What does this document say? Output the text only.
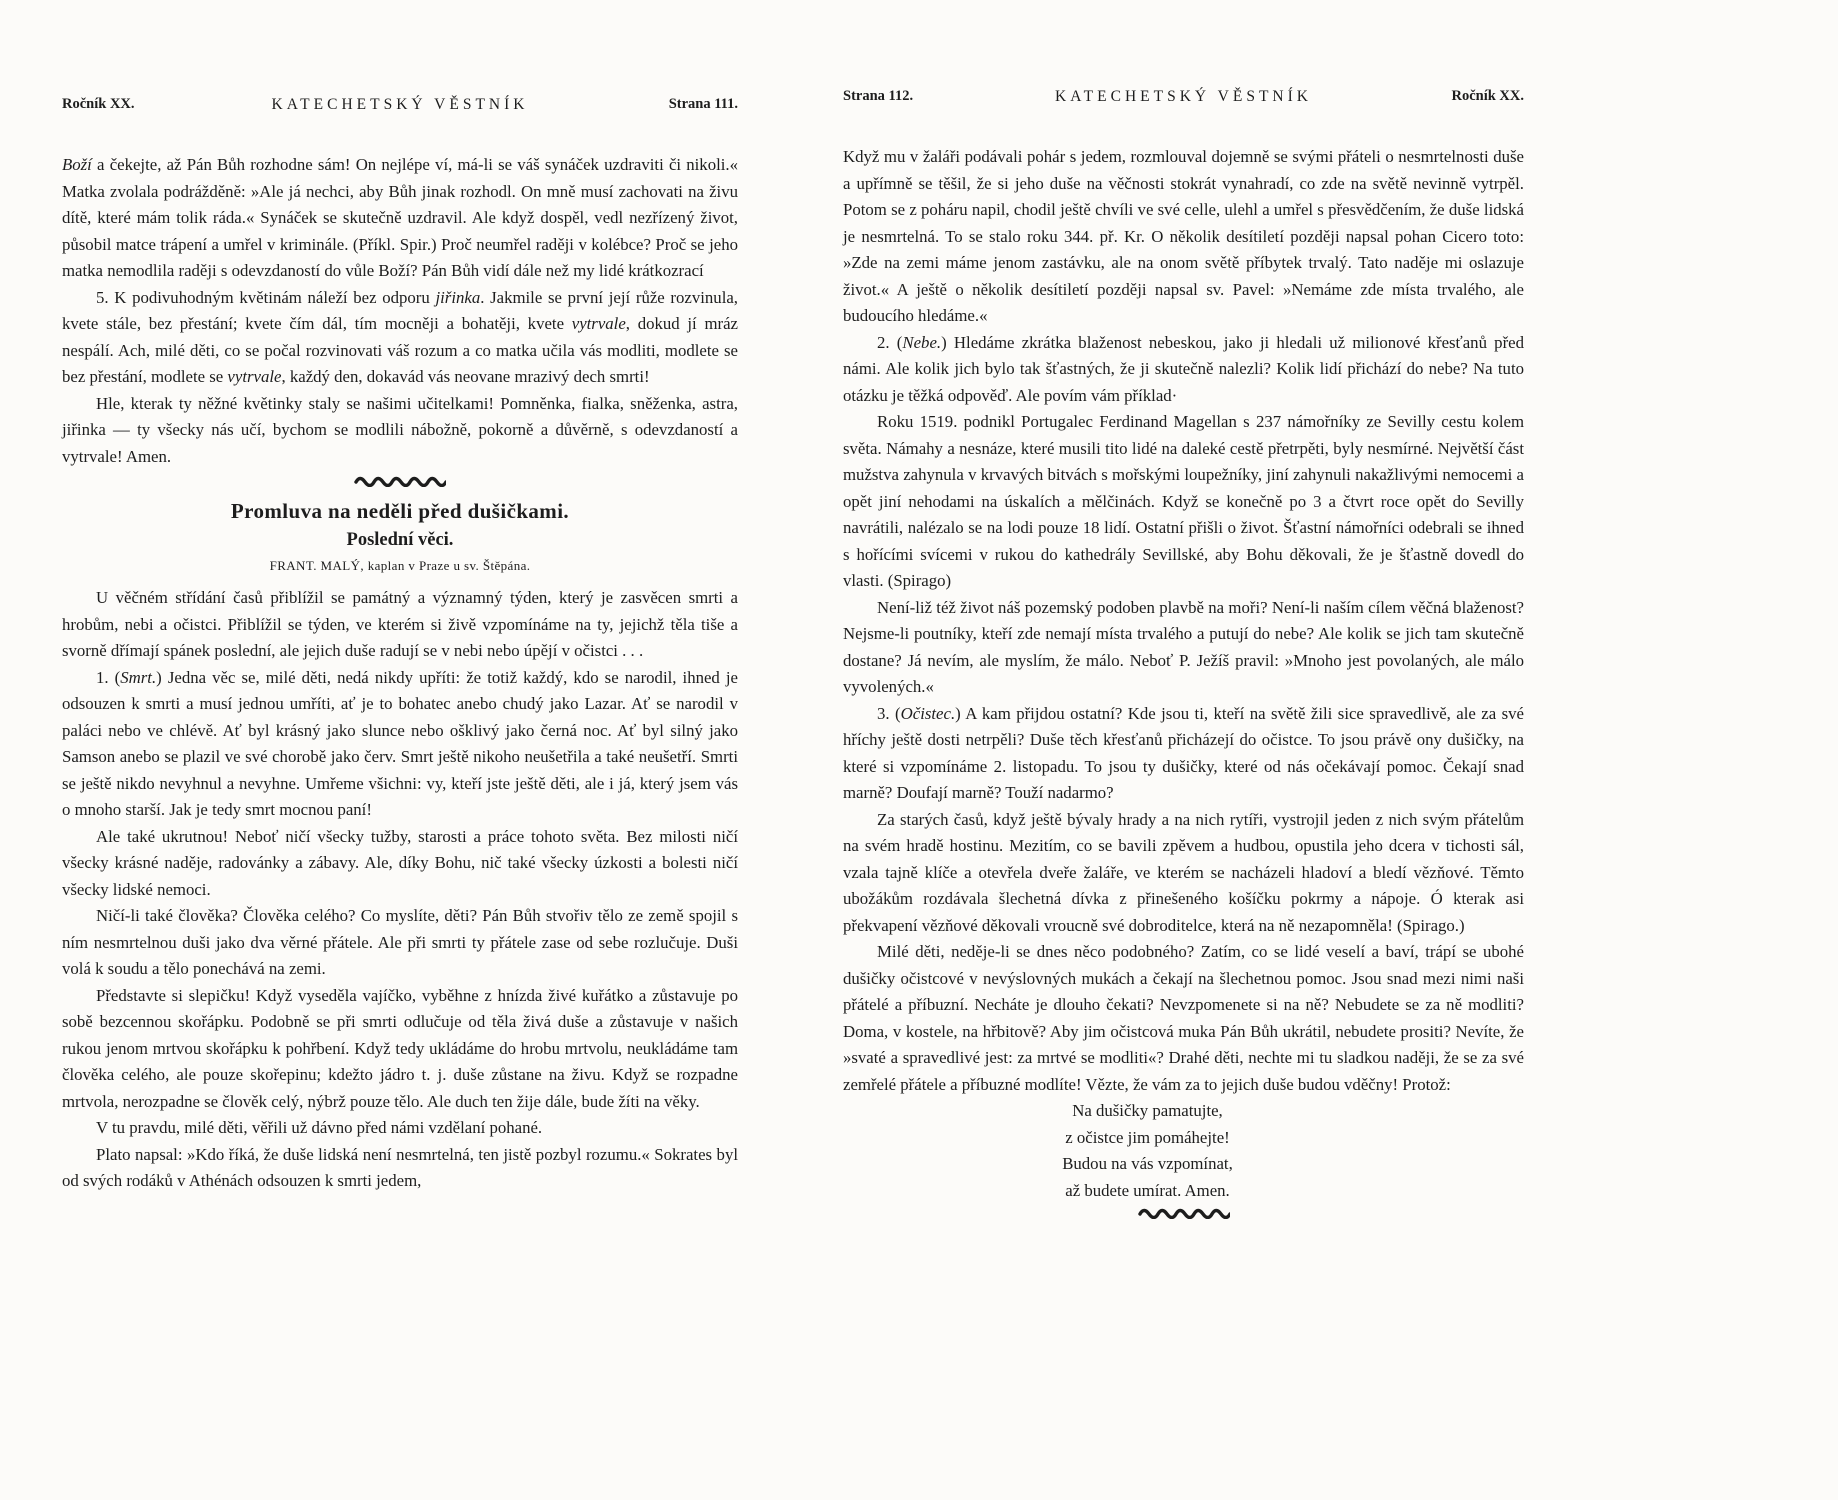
Ročník XX.	KATECHETSKÝ VĚSTNÍK	Strana 111.

Boží a čekejte, až Pán Bůh rozhodne sám! On nejlépe ví, má-li se váš synáček uzdraviti či nikoli.« Matka zvolala podrážděně: »Ale já nechci, aby Bůh jinak rozhodl. On mně musí zachovati na živu dítě, které mám tolik ráda.« Synáček se skutečně uzdravil. Ale když dospěl, vedl nezřízený život, působil matce trápení a umřel v kriminále. (Příkl. Spir.) Proč neumřel raději v kolébce? Proč se jeho matka nemodlila raději s odevzdaností do vůle Boží? Pán Bůh vidí dále než my lidé krátkozrací

5. K podivuhodným květinám náleží bez odporu jiřinka. Jakmile se první její růže rozvinula, kvete stále, bez přestání; kvete čím dál, tím mocněji a bohatěji, kvete vytrvale, dokud jí mráz nespálí. Ach, milé děti, co se počal rozvinovati váš rozum a co matka učila vás modliti, modlete se bez přestání, modlete se vytrvale, každý den, dokavád vás neovane mrazivý dech smrti!

Hle, kterak ty něžné květinky staly se našimi učitelkami! Pomněnka, fialka, sněženka, astra, jiřinka — ty všecky nás učí, bychom se modlili nábožně, pokorně a důvěrně, s odevzdaností a vytrvale! Amen.

Promluva na neděli před dušičkami.
Poslední věci.
FRANT. MALÝ, kaplan v Praze u sv. Štěpána.

U věčném střídání časů přiblížil se památný a významný týden, který je zasvěcen smrti a hrobům, nebi a očistci. Přiblížil se týden, ve kterém si živě vzpomínáme na ty, jejichž těla tiše a svorně dřímají spánek poslední, ale jejich duše radují se v nebi nebo úpějí v očistci . . .

1. (Smrt.) Jedna věc se, milé děti, nedá nikdy upříti: že totiž každý, kdo se narodil, ihned je odsouzen k smrti a musí jednou umříti, ať je to bohatec anebo chudý jako Lazar. Ať se narodil v paláci nebo ve chlévě. Ať byl krásný jako slunce nebo ošklivý jako černá noc. Ať byl silný jako Samson anebo se plazil ve své chorobě jako červ. Smrt ještě nikoho neušetřila a také neušetří. Smrti se ještě nikdo nevyhnul a nevyhne. Umřeme všichni: vy, kteří jste ještě děti, ale i já, který jsem vás o mnoho starší. Jak je tedy smrt mocnou paní!

Ale také ukrutnou! Neboť ničí všecky tužby, starosti a práce tohoto světa. Bez milosti ničí všecky krásné naděje, radovánky a zábavy. Ale, díky Bohu, nič také všecky úzkosti a bolesti ničí všecky lidské nemoci.

Ničí-li také člověka? Člověka celého? Co myslíte, děti? Pán Bůh stvořiv tělo ze země spojil s ním nesmrtelnou duši jako dva věrné přátele. Ale při smrti ty přátele zase od sebe rozlučuje. Duši volá k soudu a tělo ponechává na zemi.

Představte si slepičku! Když vyseděla vajíčko, vyběhne z hnízda živé kuřátko a zůstavuje po sobě bezcennou skořápku. Podobně se při smrti odlučuje od těla živá duše a zůstavuje v našich rukou jenom mrtvou skořápku k pohřbení. Když tedy ukládáme do hrobu mrtvolu, neukládáme tam člověka celého, ale pouze skořepinu; kdežto jádro t. j. duše zůstane na živu. Když se rozpadne mrtvola, nerozpadne se člověk celý, nýbrž pouze tělo. Ale duch ten žije dále, bude žíti na věky.

V tu pravdu, milé děti, věřili už dávno před námi vzdělaní pohané.

Plato napsal: »Kdo říká, že duše lidská není nesmrtelná, ten jistě pozbyl rozumu.« Sokrates byl od svých rodáků v Athénách odsouzen k smrti jedem,

Strana 112.	KATECHETSKÝ VĚSTNÍK	Ročník XX.

Když mu v žaláři podávali pohár s jedem, rozmlouval dojemně se svými přáteli o nesmrtelnosti duše a upřímně se těšil, že si jeho duše na věčnosti stokrát vynahradí, co zde na světě nevinně vytrpěl. Potom se z poháru napil, chodil ještě chvíli ve své celle, ulehl a umřel s přesvědčením, že duše lidská je nesmrtelná. To se stalo roku 344. př. Kr. O několik desítiletí později napsal pohan Cicero toto: »Zde na zemi máme jenom zastávku, ale na onom světě příbytek trvalý. Tato naděje mi oslazuje život.« A ještě o několik desítiletí později napsal sv. Pavel: »Nemáme zde místa trvalého, ale budoucího hledáme.«

2. (Nebe.) Hledáme zkrátka blaženost nebeskou, jako ji hledali už milionové křesťanů před námi. Ale kolik jich bylo tak šťastných, že ji skutečně nalezli? Kolik lidí přichází do nebe? Na tuto otázku je těžká odpověď. Ale povím vám příklad·

Roku 1519. podnikl Portugalec Ferdinand Magellan s 237 námořníky ze Sevilly cestu kolem světa. Námahy a nesnáze, které musili tito lidé na daleké cestě přetrpěti, byly nesmírné. Největší část mužstva zahynula v krvavých bitvách s mořskými loupežníky, jiní zahynuli nakažlivými nemocemi a opět jiní nehodami na úskalích a mělčinách. Když se konečně po 3 a čtvrt roce opět do Sevilly navrátili, nalézalo se na lodi pouze 18 lidí. Ostatní přišli o život. Šťastní námořníci odebrali se ihned s hořícími svícemi v rukou do kathedrály Sevillské, aby Bohu děkovali, že je šťastně dovedl do vlasti. (Spirago)

Není-liž též život náš pozemský podoben plavbě na moři? Není-li naším cílem věčná blaženost? Nejsme-li poutníky, kteří zde nemají místa trvalého a putují do nebe? Ale kolik se jich tam skutečně dostane? Já nevím, ale myslím, že málo. Neboť P. Ježíš pravil: »Mnoho jest povolaných, ale málo vyvolených.«

3. (Očistec.) A kam přijdou ostatní? Kde jsou ti, kteří na světě žili sice spravedlivě, ale za své hříchy ještě dosti netrpěli? Duše těch křesťanů přicházejí do očistce. To jsou právě ony dušičky, na které si vzpomínáme 2. listopadu. To jsou ty dušičky, které od nás očekávají pomoc. Čekají snad marně? Doufají marně? Touží nadarmo?

Za starých časů, když ještě bývaly hrady a na nich rytíři, vystrojil jeden z nich svým přátelům na svém hradě hostinu. Mezitím, co se bavili zpěvem a hudbou, opustila jeho dcera v tichosti sál, vzala tajně klíče a otevřela dveře žaláře, ve kterém se nacházeli hladoví a bledí vězňové. Těmto ubožákům rozdávala šlechetná dívka z přinešeného košíčku pokrmy a nápoje. Ó kterak asi překvapení vězňové děkovali vroucně své dobroditelce, která na ně nezapomněla! (Spirago.)

Milé děti, neděje-li se dnes něco podobného? Zatím, co se lidé veselí a baví, trápí se ubohé dušičky očistcové v nevýslovných mukách a čekají na šlechetnou pomoc. Jsou snad mezi nimi naši přátelé a příbuzní. Necháte je dlouho čekati? Nevzpomenete si na ně? Nebudete se za ně modliti? Doma, v kostele, na hřbitově? Aby jim očistcová muka Pán Bůh ukrátil, nebudete prositi? Nevíte, že »svaté a spravedlivé jest: za mrtvé se modliti«? Drahé děti, nechte mi tu sladkou naději, že se za své zemřelé přátele a příbuzné modlíte! Vězte, že vám za to jejich duše budou vděčny! Protož:

Na dušičky pamatujte,
z očistce jim pomáhejte!
Budou na vás vzpomínat,
až budete umírat. Amen.
